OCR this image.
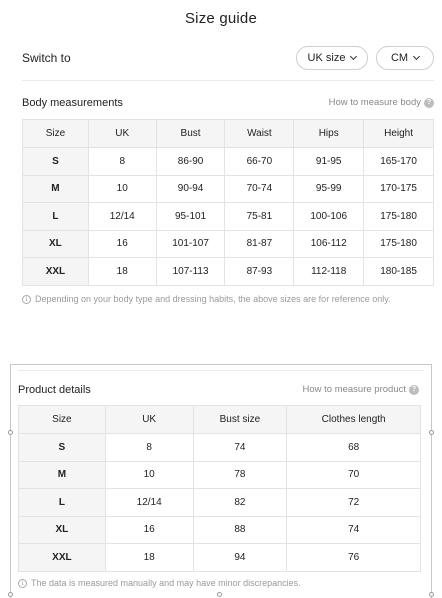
Size guide
Switch to	UK size	CM
Body measurements	How to measure body ?
Size	UK	Bust	Waist	Hips	Height
S	8	86-90	66-70	91-95	165-170
M	10	90-94	70-74	95-99	170-175
L	12/14	95-101	75-81	100-106	175-180
XL	16	101-107	81-87	106-112	175-180
XXL	18	107-113	87-93	112-118	180-185
i Depending on your body type and dressing habits, the above sizes are for reference only.
Product details	How to measure product ?
Size	UK	Bust size	Clothes length
S	8	74	68
M	10	78	70
L	12/14	82	72
XL	16	88	74
XXL	18	94	76
i The data is measured manually and may have minor discrepancies.
